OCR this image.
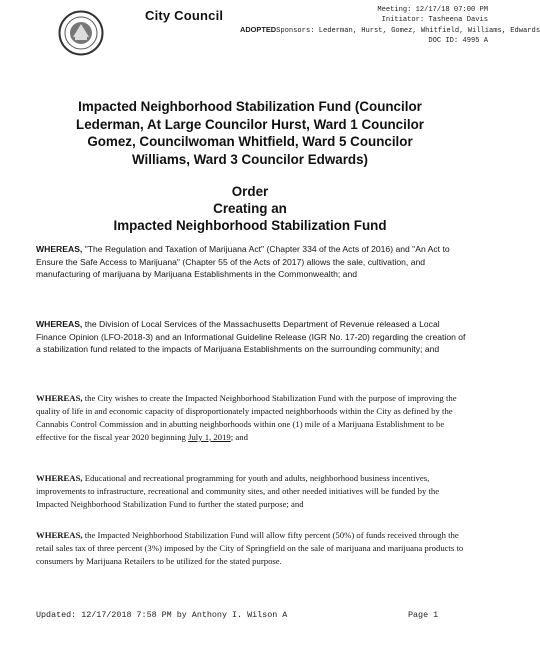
City Council	Meeting: 12/17/18 07:00 PM
Initiator: Tasheena Davis
ADOPTEDSponsors: Lederman, Hurst, Gomez, Whitfield, Williams, Edwards
DOC ID: 4995 A
Impacted Neighborhood Stabilization Fund (Councilor Lederman, At Large Councilor Hurst, Ward 1 Councilor Gomez, Councilwoman Whitfield, Ward 5 Councilor Williams, Ward 3 Councilor Edwards)
Order
Creating an
Impacted Neighborhood Stabilization Fund
WHEREAS, "The Regulation and Taxation of Marijuana Act" (Chapter 334 of the Acts of 2016) and "An Act to Ensure the Safe Access to Marijuana" (Chapter 55 of the Acts of 2017) allows the sale, cultivation, and manufacturing of marijuana by Marijuana Establishments in the Commonwealth; and
WHEREAS, the Division of Local Services of the Massachusetts Department of Revenue released a Local Finance Opinion (LFO-2018-3) and an Informational Guideline Release (IGR No. 17-20) regarding the creation of a stabilization fund related to the impacts of Marijuana Establishments on the surrounding community; and
WHEREAS, the City wishes to create the Impacted Neighborhood Stabilization Fund with the purpose of improving the quality of life in and economic capacity of disproportionately impacted neighborhoods within the City as defined by the Cannabis Control Commission and in abutting neighborhoods within one (1) mile of a Marijuana Establishment to be effective for the fiscal year 2020 beginning July 1, 2019; and
WHEREAS, Educational and recreational programming for youth and adults, neighborhood business incentives, improvements to infrastructure, recreational and community sites, and other needed initiatives will be funded by the Impacted Neighborhood Stabilization Fund to further the stated purpose; and
WHEREAS, the Impacted Neighborhood Stabilization Fund will allow fifty percent (50%) of funds received through the retail sales tax of three percent (3%) imposed by the City of Springfield on the sale of marijuana and marijuana products to consumers by Marijuana Retailers to be utilized for the stated purpose.
Updated: 12/17/2018 7:58 PM by Anthony I. Wilson A	Page 1
